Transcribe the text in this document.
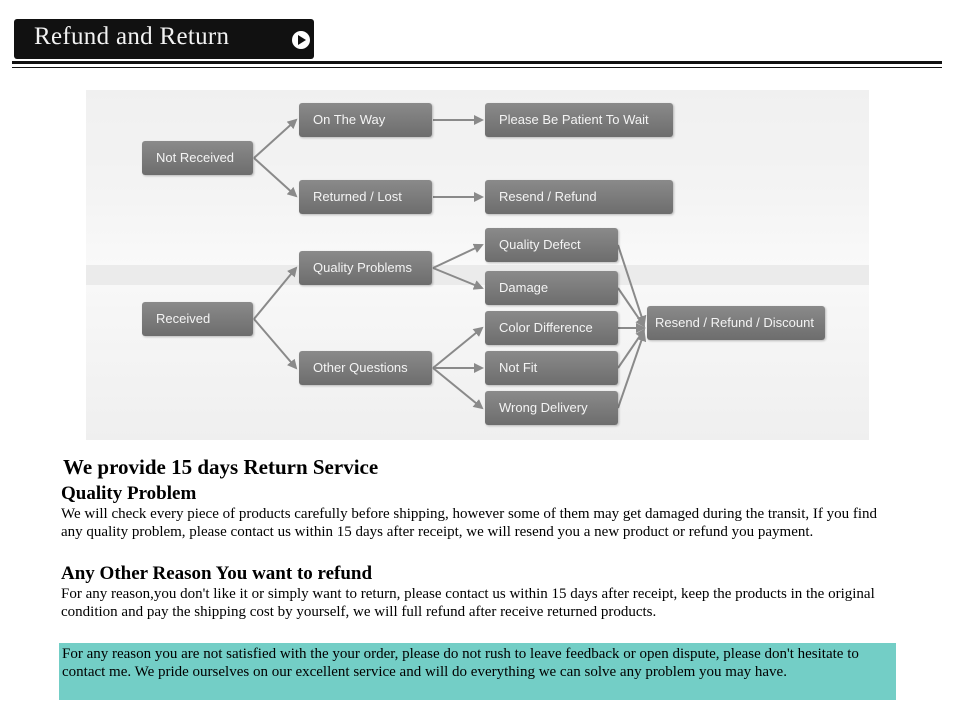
Refund and Return
Not Received
On The Way	Please Be Patient To Wait
Returned / Lost	Resend / Refund
Received
Quality Problems
Other Questions
Quality Defect
Damage
Color Difference
Not Fit
Wrong Delivery
Resend / Refund / Discount
We provide 15 days Return Service
Quality Problem
We will check every piece of products carefully before shipping, however some of them may get damaged during the transit, If you find any quality problem, please contact us within 15 days after receipt, we will resend you a new product or refund you payment.
Any Other Reason You want to refund
For any reason,you don't like it or simply want to return, please contact us within 15 days after receipt, keep the products in the original condition and pay the shipping cost by yourself, we will full refund after receive returned products.

For any reason you are not satisfied with the your order, please do not rush to leave feedback or open dispute, please don't hesitate to contact me. We pride ourselves on our excellent service and will do everything we can solve any problem you may have.
